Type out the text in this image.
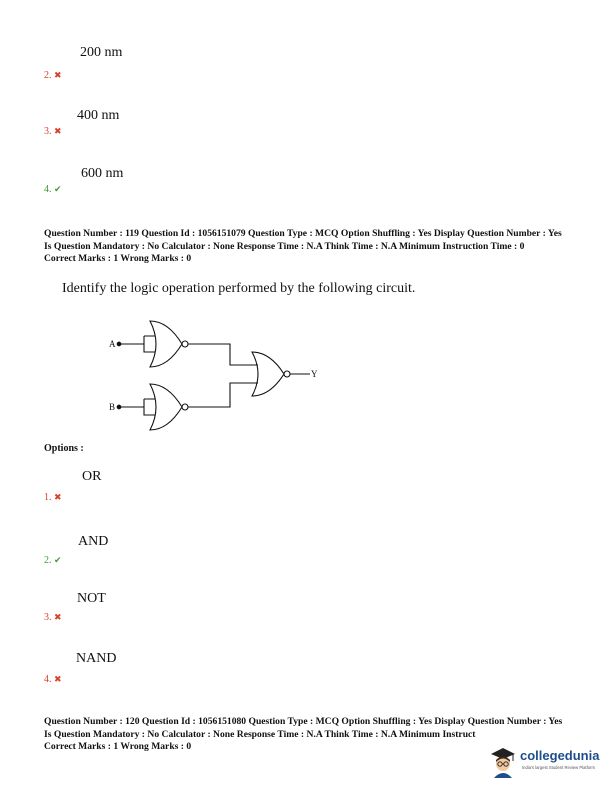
200 nm
2. ✖
400 nm
3. ✖
600 nm
4. ✔
Question Number : 119 Question Id : 1056151079 Question Type : MCQ Option Shuffling : Yes Display Question Number : Yes
Is Question Mandatory : No Calculator : None Response Time : N.A Think Time : N.A Minimum Instruction Time : 0
Correct Marks : 1 Wrong Marks : 0
Identify the logic operation performed by the following circuit.
A
B
Y
Options :
OR
1. ✖
AND
2. ✔
NOT
3. ✖
NAND
4. ✖
Question Number : 120 Question Id : 1056151080 Question Type : MCQ Option Shuffling : Yes Display Question Number : Yes
Is Question Mandatory : No Calculator : None Response Time : N.A Think Time : N.A Minimum Instruct
Correct Marks : 1 Wrong Marks : 0
collegedunia
India's largest Student Review Platform
